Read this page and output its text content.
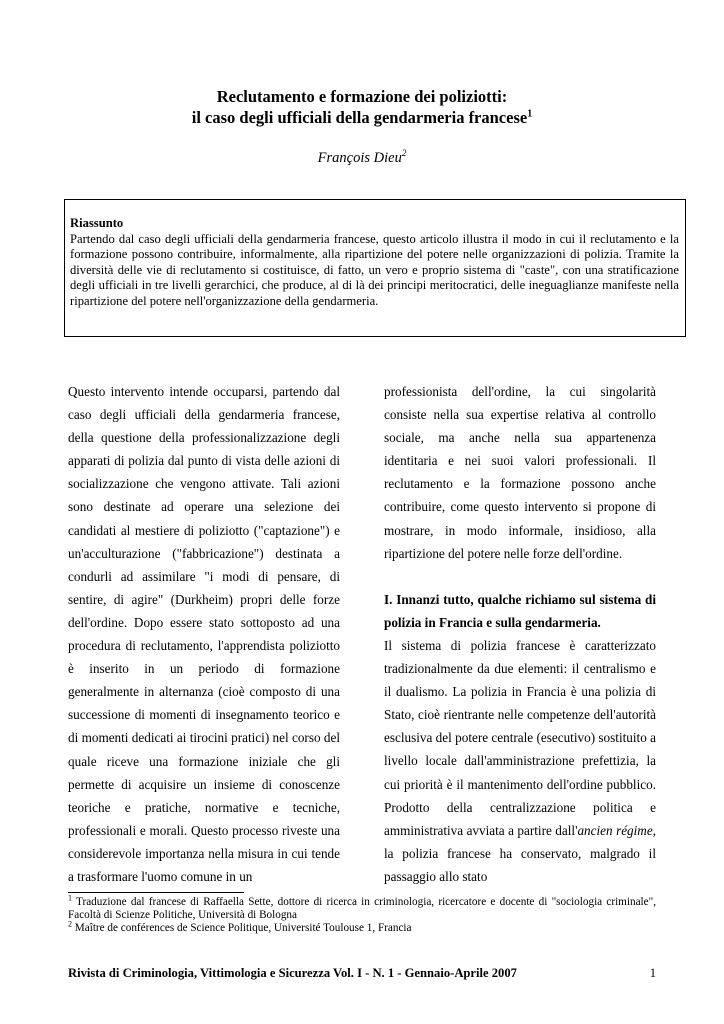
Reclutamento e formazione dei poliziotti:
il caso degli ufficiali della gendarmeria francese$^1$
François Dieu$^2$
Riassunto
Partendo dal caso degli ufficiali della gendarmeria francese, questo articolo illustra il modo in cui il reclutamento e la formazione possono contribuire, informalmente, alla ripartizione del potere nelle organizzazioni di polizia. Tramite la diversità delle vie di reclutamento si costituisce, di fatto, un vero e proprio sistema di "caste", con una stratificazione degli ufficiali in tre livelli gerarchici, che produce, al di là dei principi meritocratici, delle ineguaglianze manifeste nella ripartizione del potere nell'organizzazione della gendarmeria.

Questo intervento intende occuparsi, partendo dal caso degli ufficiali della gendarmeria francese, della questione della professionalizzazione degli apparati di polizia dal punto di vista delle azioni di socializzazione che vengono attivate. Tali azioni sono destinate ad operare una selezione dei candidati al mestiere di poliziotto ("captazione") e un'acculturazione ("fabbricazione") destinata a condurli ad assimilare "i modi di pensare, di sentire, di agire" (Durkheim) propri delle forze dell'ordine. Dopo essere stato sottoposto ad una procedura di reclutamento, l'apprendista poliziotto è inserito in un periodo di formazione generalmente in alternanza (cioè composto di una successione di momenti di insegnamento teorico e di momenti dedicati ai tirocini pratici) nel corso del quale riceve una formazione iniziale che gli permette di acquisire un insieme di conoscenze teoriche e pratiche, normative e tecniche, professionali e morali. Questo processo riveste una considerevole importanza nella misura in cui tende a trasformare l'uomo comune in un

professionista dell'ordine, la cui singolarità consiste nella sua expertise relativa al controllo sociale, ma anche nella sua appartenenza identitaria e nei suoi valori professionali. Il reclutamento e la formazione possono anche contribuire, come questo intervento si propone di mostrare, in modo informale, insidioso, alla ripartizione del potere nelle forze dell'ordine.

I. Innanzi tutto, qualche richiamo sul sistema di polizia in Francia e sulla gendarmeria.

Il sistema di polizia francese è caratterizzato tradizionalmente da due elementi: il centralismo e il dualismo. La polizia in Francia è una polizia di Stato, cioè rientrante nelle competenze dell'autorità esclusiva del potere centrale (esecutivo) sostituito a livello locale dall'amministrazione prefettizia, la cui priorità è il mantenimento dell'ordine pubblico. Prodotto della centralizzazione politica e amministrativa avviata a partire dall'ancien régime, la polizia francese ha conservato, malgrado il passaggio allo stato

$^1$ Traduzione dal francese di Raffaella Sette, dottore di ricerca in criminologia, ricercatore e docente di "sociologia criminale", Facoltà di Scienze Politiche, Università di Bologna

$^2$ Maître de conférences de Science Politique, Université Toulouse 1, Francia

Rivista di Criminologia, Vittimologia e Sicurezza Vol. I - N. 1 - Gennaio-Aprile 2007	1
